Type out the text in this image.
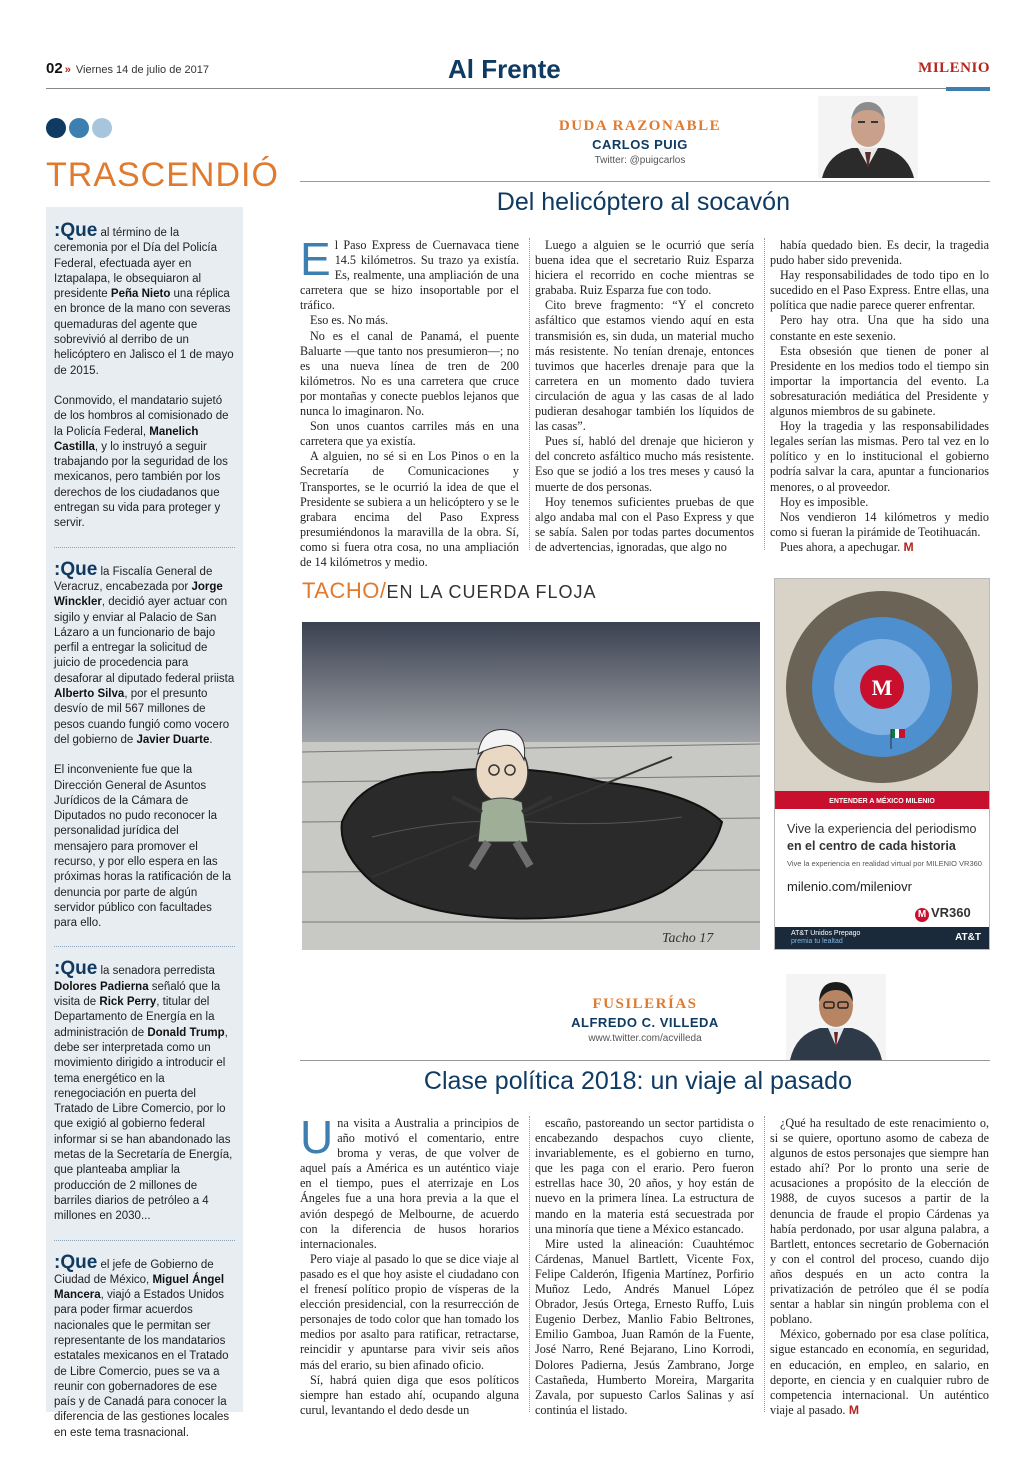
02 » Viernes 14 de julio de 2017	Al Frente	MILENIO
TRASCENDIÓ

:Que al término de la ceremonia por el Día del Policía Federal, efectuada ayer en Iztapalapa, le obsequiaron al presidente Peña Nieto una réplica en bronce de la mano con severas quemaduras del agente que sobrevivió al derribo de un helicóptero en Jalisco el 1 de mayo de 2015.

Conmovido, el mandatario sujetó de los hombros al comisionado de la Policía Federal, Manelich Castilla, y lo instruyó a seguir trabajando por la seguridad de los mexicanos, pero también por los derechos de los ciudadanos que entregan su vida para proteger y servir.

:Que la Fiscalía General de Veracruz, encabezada por Jorge Winckler, decidió ayer actuar con sigilo y enviar al Palacio de San Lázaro a un funcionario de bajo perfil a entregar la solicitud de juicio de procedencia para desaforar al diputado federal priista Alberto Silva, por el presunto desvío de mil 567 millones de pesos cuando fungió como vocero del gobierno de Javier Duarte.

El inconveniente fue que la Dirección General de Asuntos Jurídicos de la Cámara de Diputados no pudo reconocer la personalidad jurídica del mensajero para promover el recurso, y por ello espera en las próximas horas la ratificación de la denuncia por parte de algún servidor público con facultades para ello.

:Que la senadora perredista Dolores Padierna señaló que la visita de Rick Perry, titular del Departamento de Energía en la administración de Donald Trump, debe ser interpretada como un movimiento dirigido a introducir el tema energético en la renegociación en puerta del Tratado de Libre Comercio, por lo que exigió al gobierno federal informar si se han abandonado las metas de la Secretaría de Energía, que planteaba ampliar la producción de 2 millones de barriles diarios de petróleo a 4 millones en 2030...

:Que el jefe de Gobierno de Ciudad de México, Miguel Ángel Mancera, viajó a Estados Unidos para poder firmar acuerdos nacionales que le permitan ser representante de los mandatarios estatales mexicanos en el Tratado de Libre Comercio, pues se va a reunir con gobernadores de ese país y de Canadá para conocer la diferencia de las gestiones locales en este tema trasnacional.

DUDA RAZONABLE
CARLOS PUIG
Twitter: @puigcarlos
Del helicóptero al socavón

El Paso Express de Cuernavaca tiene 14.5 kilómetros. Su trazo ya existía. Es, realmente, una ampliación de una carretera que se hizo insoportable por el tráfico.

Eso es. No más.

No es el canal de Panamá, el puente Baluarte —que tanto nos presumieron—; no es una nueva línea de tren de 200 kilómetros. No es una carretera que cruce por montañas y conecte pueblos lejanos que nunca lo imaginaron. No.

Son unos cuantos carriles más en una carretera que ya existía.

A alguien, no sé si en Los Pinos o en la Secretaría de Comunicaciones y Transportes, se le ocurrió la idea de que el Presidente se subiera a un helicóptero y se le grabara encima del Paso Express presumiéndonos la maravilla de la obra. Sí, como si fuera otra cosa, no una ampliación de 14 kilómetros y medio.

Luego a alguien se le ocurrió que sería buena idea que el secretario Ruiz Esparza hiciera el recorrido en coche mientras se grababa. Ruiz Esparza fue con todo.

Cito breve fragmento: “Y el concreto asfáltico que estamos viendo aquí en esta transmisión es, sin duda, un material mucho más resistente. No tenían drenaje, entonces tuvimos que hacerles drenaje para que la carretera en un momento dado tuviera circulación de agua y las casas de al lado pudieran desahogar también los líquidos de las casas”.

Pues sí, habló del drenaje que hicieron y del concreto asfáltico mucho más resistente. Eso que se jodió a los tres meses y causó la muerte de dos personas.

Hoy tenemos suficientes pruebas de que algo andaba mal con el Paso Express y que se sabía. Salen por todas partes documentos de advertencias, ignoradas, que algo no

había quedado bien. Es decir, la tragedia pudo haber sido prevenida.

Hay responsabilidades de todo tipo en lo sucedido en el Paso Express. Entre ellas, una política que nadie parece querer enfrentar.

Pero hay otra. Una que ha sido una constante en este sexenio.

Esta obsesión que tienen de poner al Presidente en los medios todo el tiempo sin importar la importancia del evento. La sobresaturación mediática del Presidente y algunos miembros de su gabinete.

Hoy la tragedia y las responsabilidades legales serían las mismas. Pero tal vez en lo político y en lo institucional el gobierno podría salvar la cara, apuntar a funcionarios menores, o al proveedor.

Hoy es imposible.

Nos vendieron 14 kilómetros y medio como si fueran la pirámide de Teotihuacán.

Pues ahora, a apechugar. M

TACHO/EN LA CUERDA FLOJA
Tacho 17
M
ENTENDER A MÉXICO MILENIO
Vive la experiencia del periodismo
en el centro de cada historia
Vive la experiencia en realidad virtual por MILENIO VR360
milenio.com/mileniovr
M VR360
AT&T Unidos Prepago
premia tu lealtad	AT&T
FUSILERÍAS
ALFREDO C. VILLEDA
www.twitter.com/acvilleda
Clase política 2018: un viaje al pasado

Una visita a Australia a principios de año motivó el comentario, entre broma y veras, de que volver de aquel país a América es un auténtico viaje en el tiempo, pues el aterrizaje en Los Ángeles fue a una hora previa a la que el avión despegó de Melbourne, de acuerdo con la diferencia de husos horarios internacionales.

Pero viaje al pasado lo que se dice viaje al pasado es el que hoy asiste el ciudadano con el frenesí político propio de vísperas de la elección presidencial, con la resurrección de personajes de todo color que han tomado los medios por asalto para ratificar, retractarse, reincidir y apuntarse para vivir seis años más del erario, su bien afinado oficio.

Sí, habrá quien diga que esos políticos siempre han estado ahí, ocupando alguna curul, levantando el dedo desde un

escaño, pastoreando un sector partidista o encabezando despachos cuyo cliente, invariablemente, es el gobierno en turno, que les paga con el erario. Pero fueron estrellas hace 30, 20 años, y hoy están de nuevo en la primera línea. La estructura de mando en la materia está secuestrada por una minoría que tiene a México estancado.

Mire usted la alineación: Cuauhtémoc Cárdenas, Manuel Bartlett, Vicente Fox, Felipe Calderón, Ifigenia Martínez, Porfirio Muñoz Ledo, Andrés Manuel López Obrador, Jesús Ortega, Ernesto Ruffo, Luis Eugenio Derbez, Manlio Fabio Beltrones, Emilio Gamboa, Juan Ramón de la Fuente, José Narro, René Bejarano, Lino Korrodi, Dolores Padierna, Jesús Zambrano, Jorge Castañeda, Humberto Moreira, Margarita Zavala, por supuesto Carlos Salinas y así continúa el listado.

¿Qué ha resultado de este renacimiento o, si se quiere, oportuno asomo de cabeza de algunos de estos personajes que siempre han estado ahí? Por lo pronto una serie de acusaciones a propósito de la elección de 1988, de cuyos sucesos a partir de la denuncia de fraude el propio Cárdenas ya había perdonado, por usar alguna palabra, a Bartlett, entonces secretario de Gobernación y con el control del proceso, cuando dijo años después en un acto contra la privatización de petróleo que él se podía sentar a hablar sin ningún problema con el poblano.

México, gobernado por esa clase política, sigue estancado en economía, en seguridad, en educación, en empleo, en salario, en deporte, en ciencia y en cualquier rubro de competencia internacional. Un auténtico viaje al pasado. M
